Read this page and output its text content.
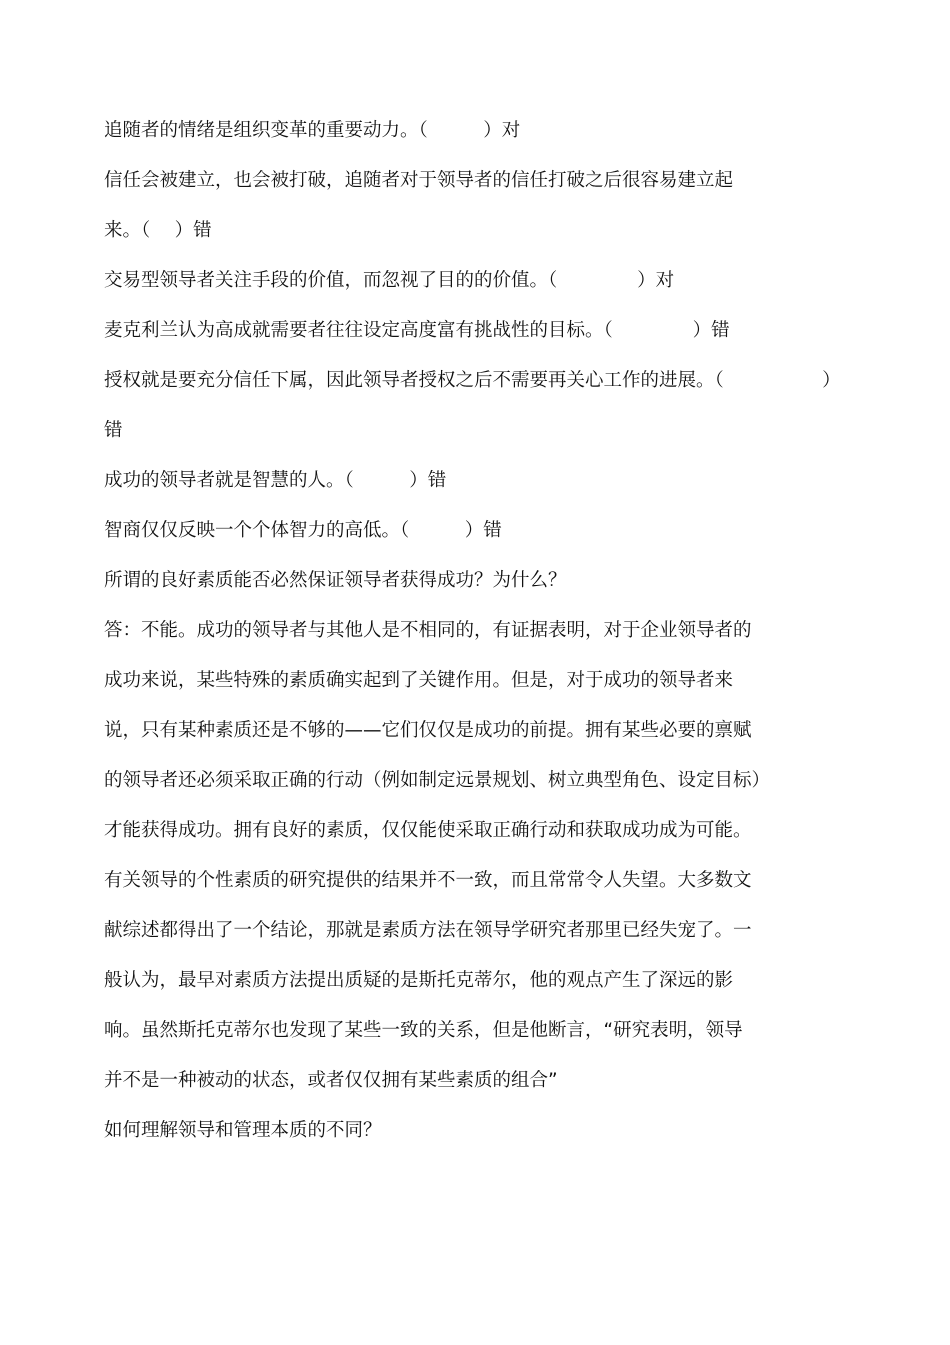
追随者的情绪是组织变革的重要动力。（　　　）对

信任会被建立，也会被打破，追随者对于领导者的信任打破之后很容易建立起

来。（　 ）错

交易型领导者关注手段的价值，而忽视了目的的价值。（　　　　 ）对

麦克利兰认为高成就需要者往往设定高度富有挑战性的目标。（　　　　 ）错

授权就是要充分信任下属，因此领导者授权之后不需要再关心工作的进展。（　　　　　 ）

错

成功的领导者就是智慧的人。（　　　）错

智商仅仅反映一个个体智力的高低。（　　　）错

所谓的良好素质能否必然保证领导者获得成功？为什么？

答：不能。成功的领导者与其他人是不相同的，有证据表明，对于企业领导者的

成功来说，某些特殊的素质确实起到了关键作用。但是，对于成功的领导者来

说，只有某种素质还是不够的——它们仅仅是成功的前提。拥有某些必要的禀赋

的领导者还必须采取正确的行动（例如制定远景规划、树立典型角色、设定目标）

才能获得成功。拥有良好的素质，仅仅能使采取正确行动和获取成功成为可能。

有关领导的个性素质的研究提供的结果并不一致，而且常常令人失望。大多数文

献综述都得出了一个结论，那就是素质方法在领导学研究者那里已经失宠了。一

般认为，最早对素质方法提出质疑的是斯托克蒂尔，他的观点产生了深远的影

响。虽然斯托克蒂尔也发现了某些一致的关系，但是他断言，“研究表明，领导

并不是一种被动的状态，或者仅仅拥有某些素质的组合”

如何理解领导和管理本质的不同？
